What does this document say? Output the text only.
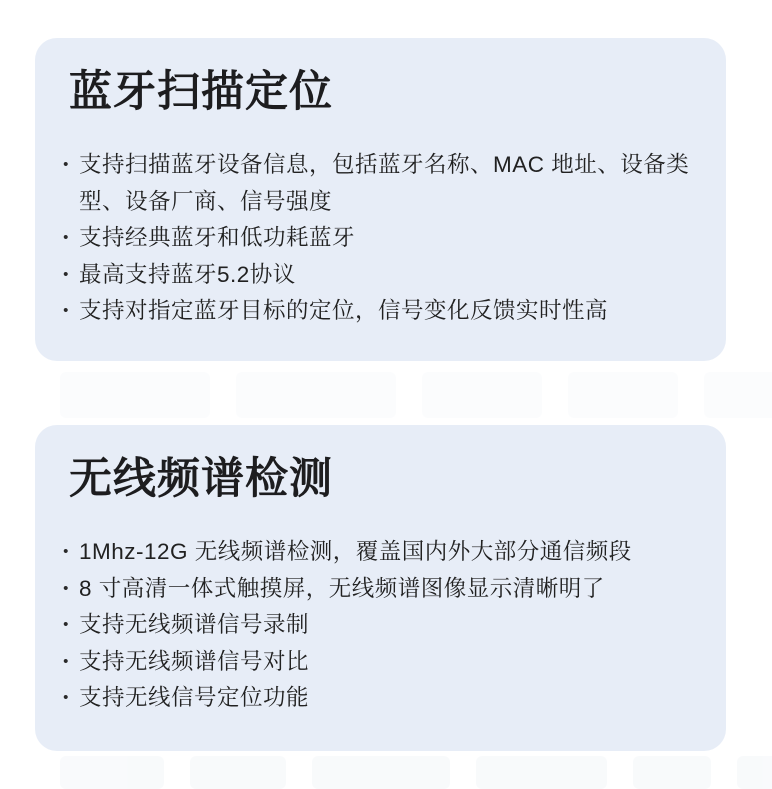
蓝牙扫描定位
• 支持扫描蓝牙设备信息，包括蓝牙名称、MAC 地址、设备类型、设备厂商、信号强度
• 支持经典蓝牙和低功耗蓝牙
• 最高支持蓝牙5.2协议
• 支持对指定蓝牙目标的定位，信号变化反馈实时性高
无线频谱检测
• 1Mhz-12G 无线频谱检测，覆盖国内外大部分通信频段
• 8 寸高清一体式触摸屏，无线频谱图像显示清晰明了
• 支持无线频谱信号录制
• 支持无线频谱信号对比
• 支持无线信号定位功能
